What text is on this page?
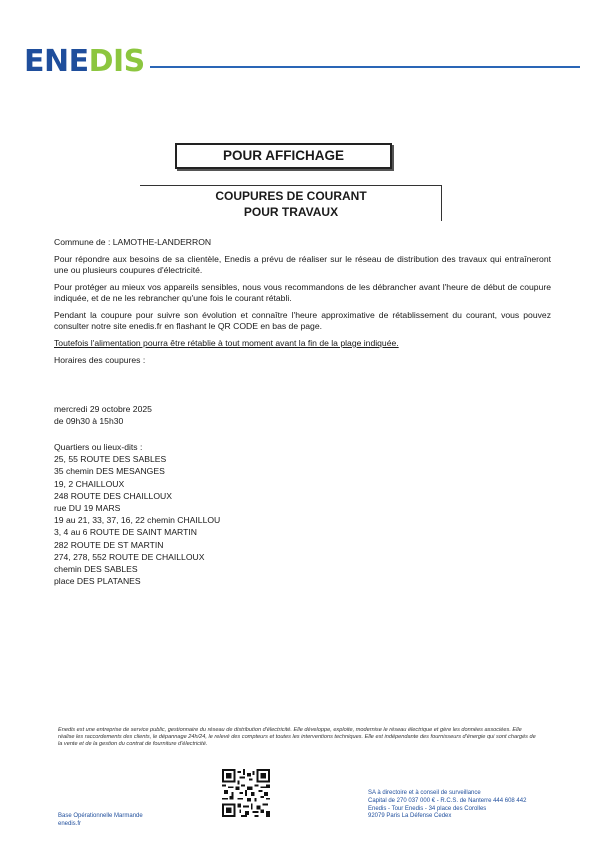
ENEDIS
POUR AFFICHAGE
COUPURES DE COURANT
POUR TRAVAUX
Commune de : LAMOTHE-LANDERRON

Pour répondre aux besoins de sa clientèle, Enedis a prévu de réaliser sur le réseau de distribution des travaux qui entraîneront une ou plusieurs coupures d'électricité.

Pour protéger au mieux vos appareils sensibles, nous vous recommandons de les débrancher avant l'heure de début de coupure indiquée, et de ne les rebrancher qu'une fois le courant rétabli.

Pendant la coupure pour suivre son évolution et connaître l'heure approximative de rétablissement du courant, vous pouvez consulter notre site enedis.fr en flashant le QR CODE en bas de page.

Toutefois l'alimentation pourra être rétablie à tout moment avant la fin de la plage indiquée.

Horaires des coupures :

mercredi 29 octobre 2025
de 09h30 à 15h30
Quartiers ou lieux-dits :
25, 55 ROUTE DES SABLES
35 chemin DES MESANGES
19, 2 CHAILLOUX
248 ROUTE DES CHAILLOUX
rue DU 19 MARS
19 au 21, 33, 37, 16, 22 chemin CHAILLOU
3, 4 au 6 ROUTE DE SAINT MARTIN
282 ROUTE DE ST MARTIN
274, 278, 552 ROUTE DE CHAILLOUX
chemin DES SABLES
place DES PLATANES
Enedis est une entreprise de service public, gestionnaire du réseau de distribution d'électricité. Elle développe, exploite, modernise le réseau électrique et gère les données associées. Elle réalise les raccordements des clients, le dépannage 24h/24, le relevé des compteurs et toutes les interventions techniques. Elle est indépendante des fournisseurs d'énergie qui sont chargés de la vente et de la gestion du contrat de fourniture d'électricité.
Base Opérationnelle Marmande
enedis.fr
SA à directoire et à conseil de surveillance
Capital de 270 037 000 € - R.C.S. de Nanterre 444 608 442
Enedis - Tour Enedis - 34 place des Corolles
92079 Paris La Défense Cedex
